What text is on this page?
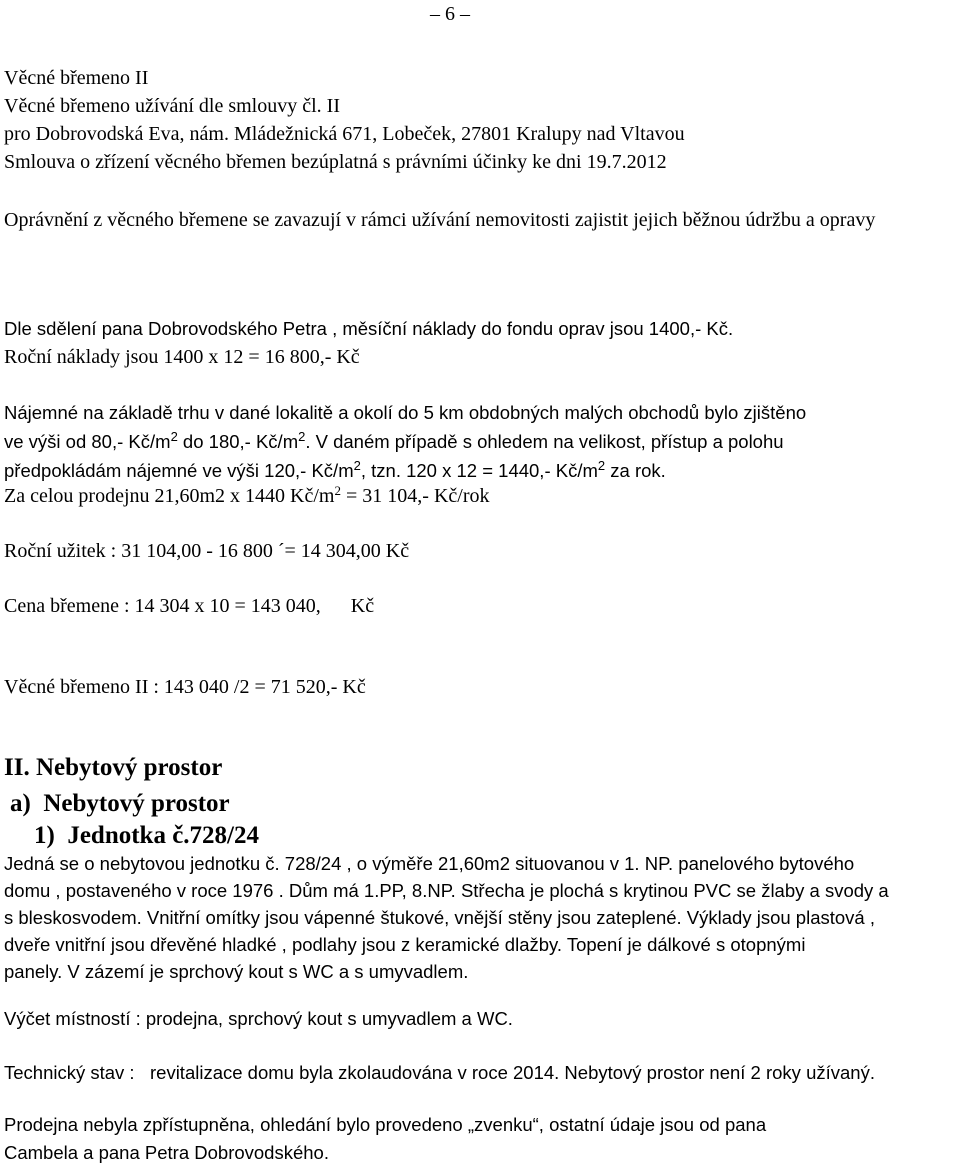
– 6 –
Věcné břemeno II
Věcné břemeno užívání dle smlouvy čl. II
pro Dobrovodská Eva, nám. Mládežnická 671, Lobeček, 27801 Kralupy nad Vltavou
Smlouva o zřízení věcného břemen bezúplatná s právními účinky ke dni 19.7.2012

Oprávnění z věcného břemene se zavazují v rámci užívání nemovitosti zajistit jejich běžnou údržbu a opravy

Dle sdělení pana Dobrovodského Petra , měsíční náklady do fondu oprav jsou 1400,- Kč.
Roční náklady jsou 1400 x 12 = 16 800,- Kč
Nájemné na základě trhu v dané lokalitě a okolí do 5 km obdobných malých obchodů bylo zjištěno
ve výši od 80,- $Kč/m^2$ do 180,- $Kč/m^2$. V daném případě s ohledem na velikost, přístup a polohu
předpokládám nájemné ve výši 120,- $Kč/m^2$, tzn. 120 x 12 = 1440,- $Kč/m^2$ za rok.
Za celou prodejnu 21,60m2 x 1440 $Kč/m^2 = 31$ 104,- Kč/rok
Roční užitek : 31 104,00 - 16 800 ´= 14 304,00 Kč
Cena břemene : 14 304 x 10 = 143 040, Kč
Věcné břemeno II : 143 040 /2 = 71 520,- Kč
II. Nebytový prostor
a)  Nebytový prostor
1)  Jednotka č.728/24
Jedná se o nebytovou jednotku č. 728/24 , o výměře 21,60m2 situovanou v 1. NP. panelového bytového
domu , postaveného v roce 1976 . Dům má 1.PP, 8.NP. Střecha je plochá s krytinou PVC se žlaby a svody a
s bleskosvodem. Vnitřní omítky jsou vápenné štukové, vnější stěny jsou zateplené. Výklady jsou plastová ,
dveře vnitřní jsou dřevěné hladké , podlahy jsou z keramické dlažby. Topení je dálkové s otopnými
panely. V zázemí je sprchový kout s WC a s umyvadlem.
Výčet místností : prodejna, sprchový kout s umyvadlem a WC.
Technický stav :   revitalizace domu byla zkolaudována v roce 2014. Nebytový prostor není 2 roky užívaný.
Prodejna nebyla zpřístupněna, ohledání bylo provedeno „zvenku“, ostatní údaje jsou od pana
Cambela a pana Petra Dobrovodského.
